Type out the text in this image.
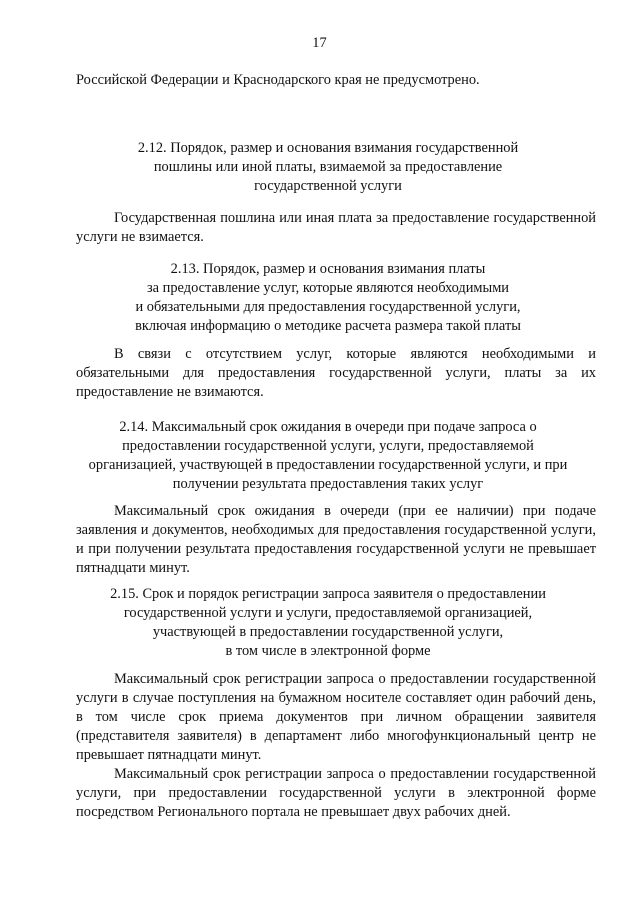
17

Российской Федерации и Краснодарского края не предусмотрено.

2.12. Порядок, размер и основания взимания государственной
пошлины или иной платы, взимаемой за предоставление
государственной услуги

Государственная пошлина или иная плата за предоставление государственной услуги не взимается.

2.13. Порядок, размер и основания взимания платы
за предоставление услуг, которые являются необходимыми
и обязательными для предоставления государственной услуги,
включая информацию о методике расчета размера такой платы

В связи с отсутствием услуг, которые являются необходимыми и обязательными для предоставления государственной услуги, платы за их предоставление не взимаются.

2.14. Максимальный срок ожидания в очереди при подаче запроса о
предоставлении государственной услуги, услуги, предоставляемой
организацией, участвующей в предоставлении государственной услуги, и при
получении результата предоставления таких услуг

Максимальный срок ожидания в очереди (при ее наличии) при подаче заявления и документов, необходимых для предоставления государственной услуги, и при получении результата предоставления государственной услуги не превышает пятнадцати минут.

2.15. Срок и порядок регистрации запроса заявителя о предоставлении
государственной услуги и услуги, предоставляемой организацией,
участвующей в предоставлении государственной услуги,
в том числе в электронной форме

Максимальный срок регистрации запроса о предоставлении государственной услуги в случае поступления на бумажном носителе составляет один рабочий день, в том числе срок приема документов при личном обращении заявителя (представителя заявителя) в департамент либо многофункциональный центр не превышает пятнадцати минут.

Максимальный срок регистрации запроса о предоставлении государственной услуги, при предоставлении государственной услуги в электронной форме посредством Регионального портала не превышает двух рабочих дней.
